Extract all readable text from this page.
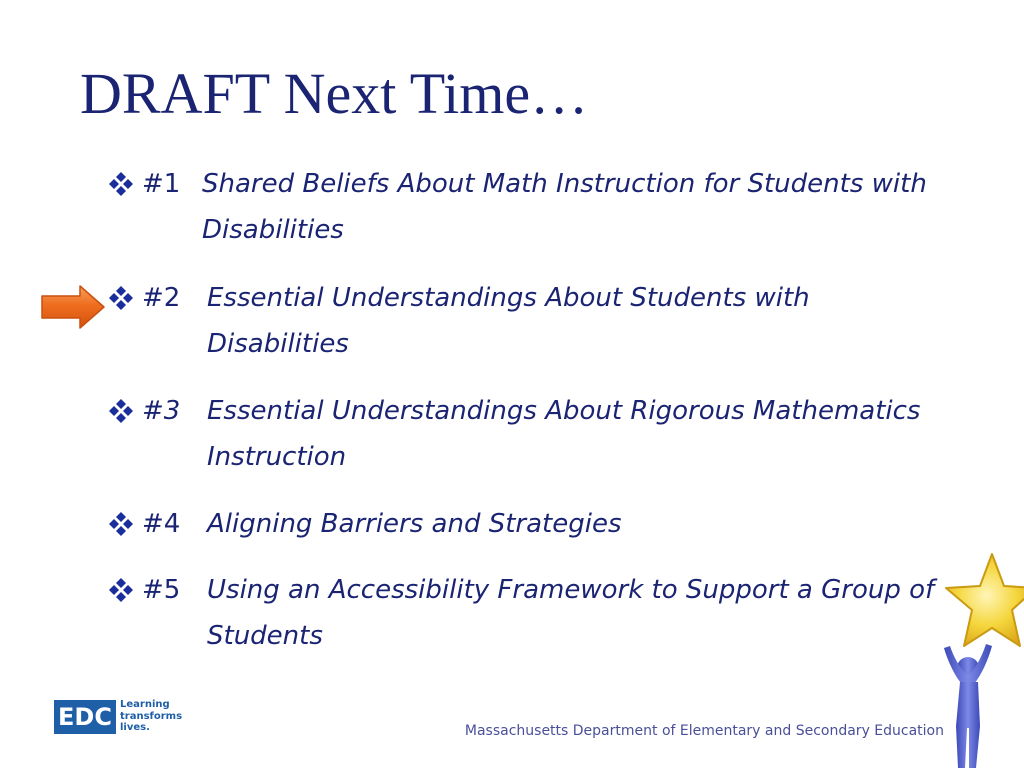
DRAFT Next Time…
#1 Shared Beliefs About Math Instruction for Students with Disabilities
#2 Essential Understandings About Students with Disabilities
#3 Essential Understandings About Rigorous Mathematics Instruction
#4 Aligning Barriers and Strategies
#5 Using an Accessibility Framework to Support a Group of Students
EDC Learning transforms lives.	Massachusetts Department of Elementary and Secondary Education
